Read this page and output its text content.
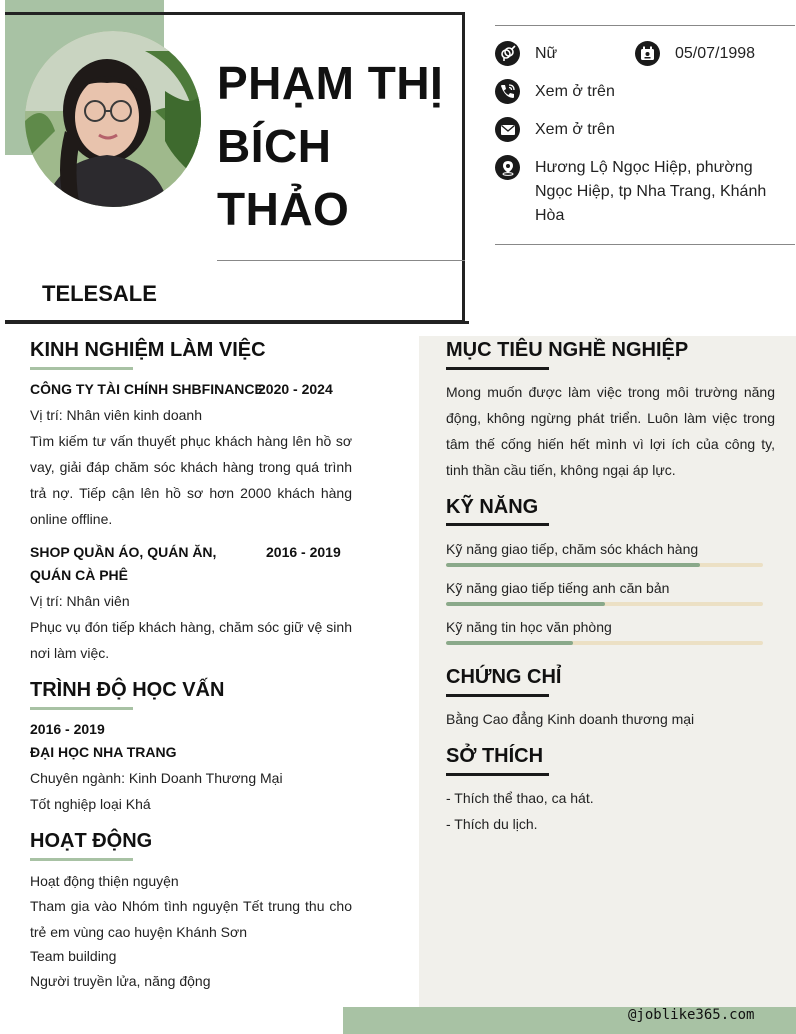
PHẠM THỊ
BÍCH
THẢO
TELESALE
Nữ	05/07/1998
Xem ở trên
Xem ở trên
Hương Lộ Ngọc Hiệp, phường
Ngọc Hiệp, tp Nha Trang, Khánh
Hòa
KINH NGHIỆM LÀM VIỆC
CÔNG TY TÀI CHÍNH SHBFINANCE
2020 - 2024
Vị trí: Nhân viên kinh doanh
Tìm kiếm tư vấn thuyết phục khách hàng lên hồ sơ vay, giải đáp chăm sóc khách hàng trong quá trình trả nợ. Tiếp cận lên hồ sơ hơn 2000 khách hàng online offline.
SHOP QUẦN ÁO, QUÁN ĂN, QUÁN CÀ PHÊ
2016 - 2019
Vị trí: Nhân viên
Phục vụ đón tiếp khách hàng, chăm sóc giữ vệ sinh nơi làm việc.
TRÌNH ĐỘ HỌC VẤN
2016 - 2019
ĐẠI HỌC NHA TRANG
Chuyên ngành: Kinh Doanh Thương Mại
Tốt nghiệp loại Khá
HOẠT ĐỘNG
Hoạt động thiện nguyện
Tham gia vào Nhóm tình nguyện Tết trung thu cho trẻ em vùng cao huyện Khánh Sơn
Team building
Người truyền lửa, năng động
MỤC TIÊU NGHỀ NGHIỆP
Mong muốn được làm việc trong môi trường năng động, không ngừng phát triển. Luôn làm việc trong tâm thế cống hiến hết mình vì lợi ích của công ty, tinh thần cầu tiến, không ngại áp lực.
KỸ NĂNG
Kỹ năng giao tiếp, chăm sóc khách hàng
Kỹ năng giao tiếp tiếng anh căn bản
Kỹ năng tin học văn phòng
CHỨNG CHỈ
Bằng Cao đẳng Kinh doanh thương mại
SỞ THÍCH
- Thích thể thao, ca hát.
- Thích du lịch.
@joblike365.com
